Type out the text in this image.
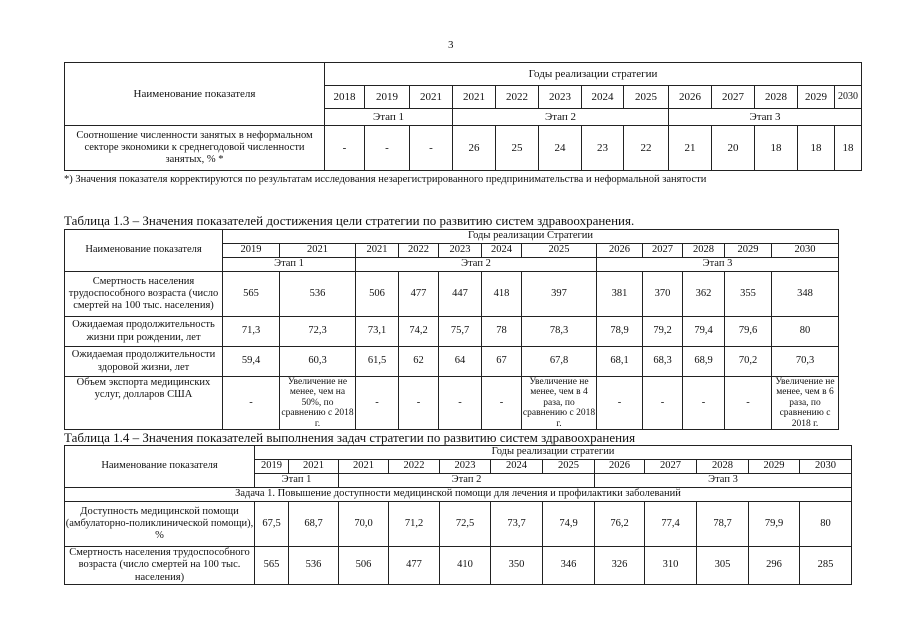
3
Наименование показателя	Годы реализации стратегии												
	2018	2019	2021	2021	2022	2023	2024	2025	2026	2027	2028	2029	2030
	Этап 1			Этап 2					Этап 3				
Соотношение численности занятых в неформальном секторе экономики к среднегодовой численности занятых, % *	-	-	-	26	25	24	23	22	21	20	18	18	18
*) Значения показателя корректируются по результатам исследования незарегистрированного предпринимательства и неформальной занятости
Таблица 1.3 – Значения показателей достижения цели стратегии по развитию систем здравоохранения.
Наименование показателя	Годы реализации Стратегии											
	2019	2021	2021	2022	2023	2024	2025	2026	2027	2028	2029	2030
	Этап 1		Этап 2					Этап 3				
Смертность населения трудоспособного возраста (число смертей на 100 тыс. населения)	565	536	506	477	447	418	397	381	370	362	355	348
Ожидаемая продолжительность жизни при рождении, лет	71,3	72,3	73,1	74,2	75,7	78	78,3	78,9	79,2	79,4	79,6	80
Ожидаемая продолжительности здоровой жизни, лет	59,4	60,3	61,5	62	64	67	67,8	68,1	68,3	68,9	70,2	70,3
Объем экспорта медицинских услуг, долларов США	-	Увеличение не менее, чем на 50%, по сравнению с 2018 г.	-	-	-	-	Увеличение не менее, чем в 4 раза, по сравнению с 2018 г.	-	-	-	-	Увеличение не менее, чем в 6 раза, по сравнению с 2018 г.
Таблица 1.4 – Значения показателей выполнения задач стратегии по развитию систем здравоохранения
Наименование показателя	Годы реализации стратегии											
	2019	2021	2021	2022	2023	2024	2025	2026	2027	2028	2029	2030
	Этап 1		Этап 2					Этап 3				
Задача 1. Повышение доступности медицинской помощи для лечения и профилактики заболеваний												
Доступность медицинской помощи (амбулаторно-поликлинической помощи), %	67,5	68,7	70,0	71,2	72,5	73,7	74,9	76,2	77,4	78,7	79,9	80
Смертность населения трудоспособного возраста (число смертей на 100 тыс. населения)	565	536	506	477	410	350	346	326	310	305	296	285
